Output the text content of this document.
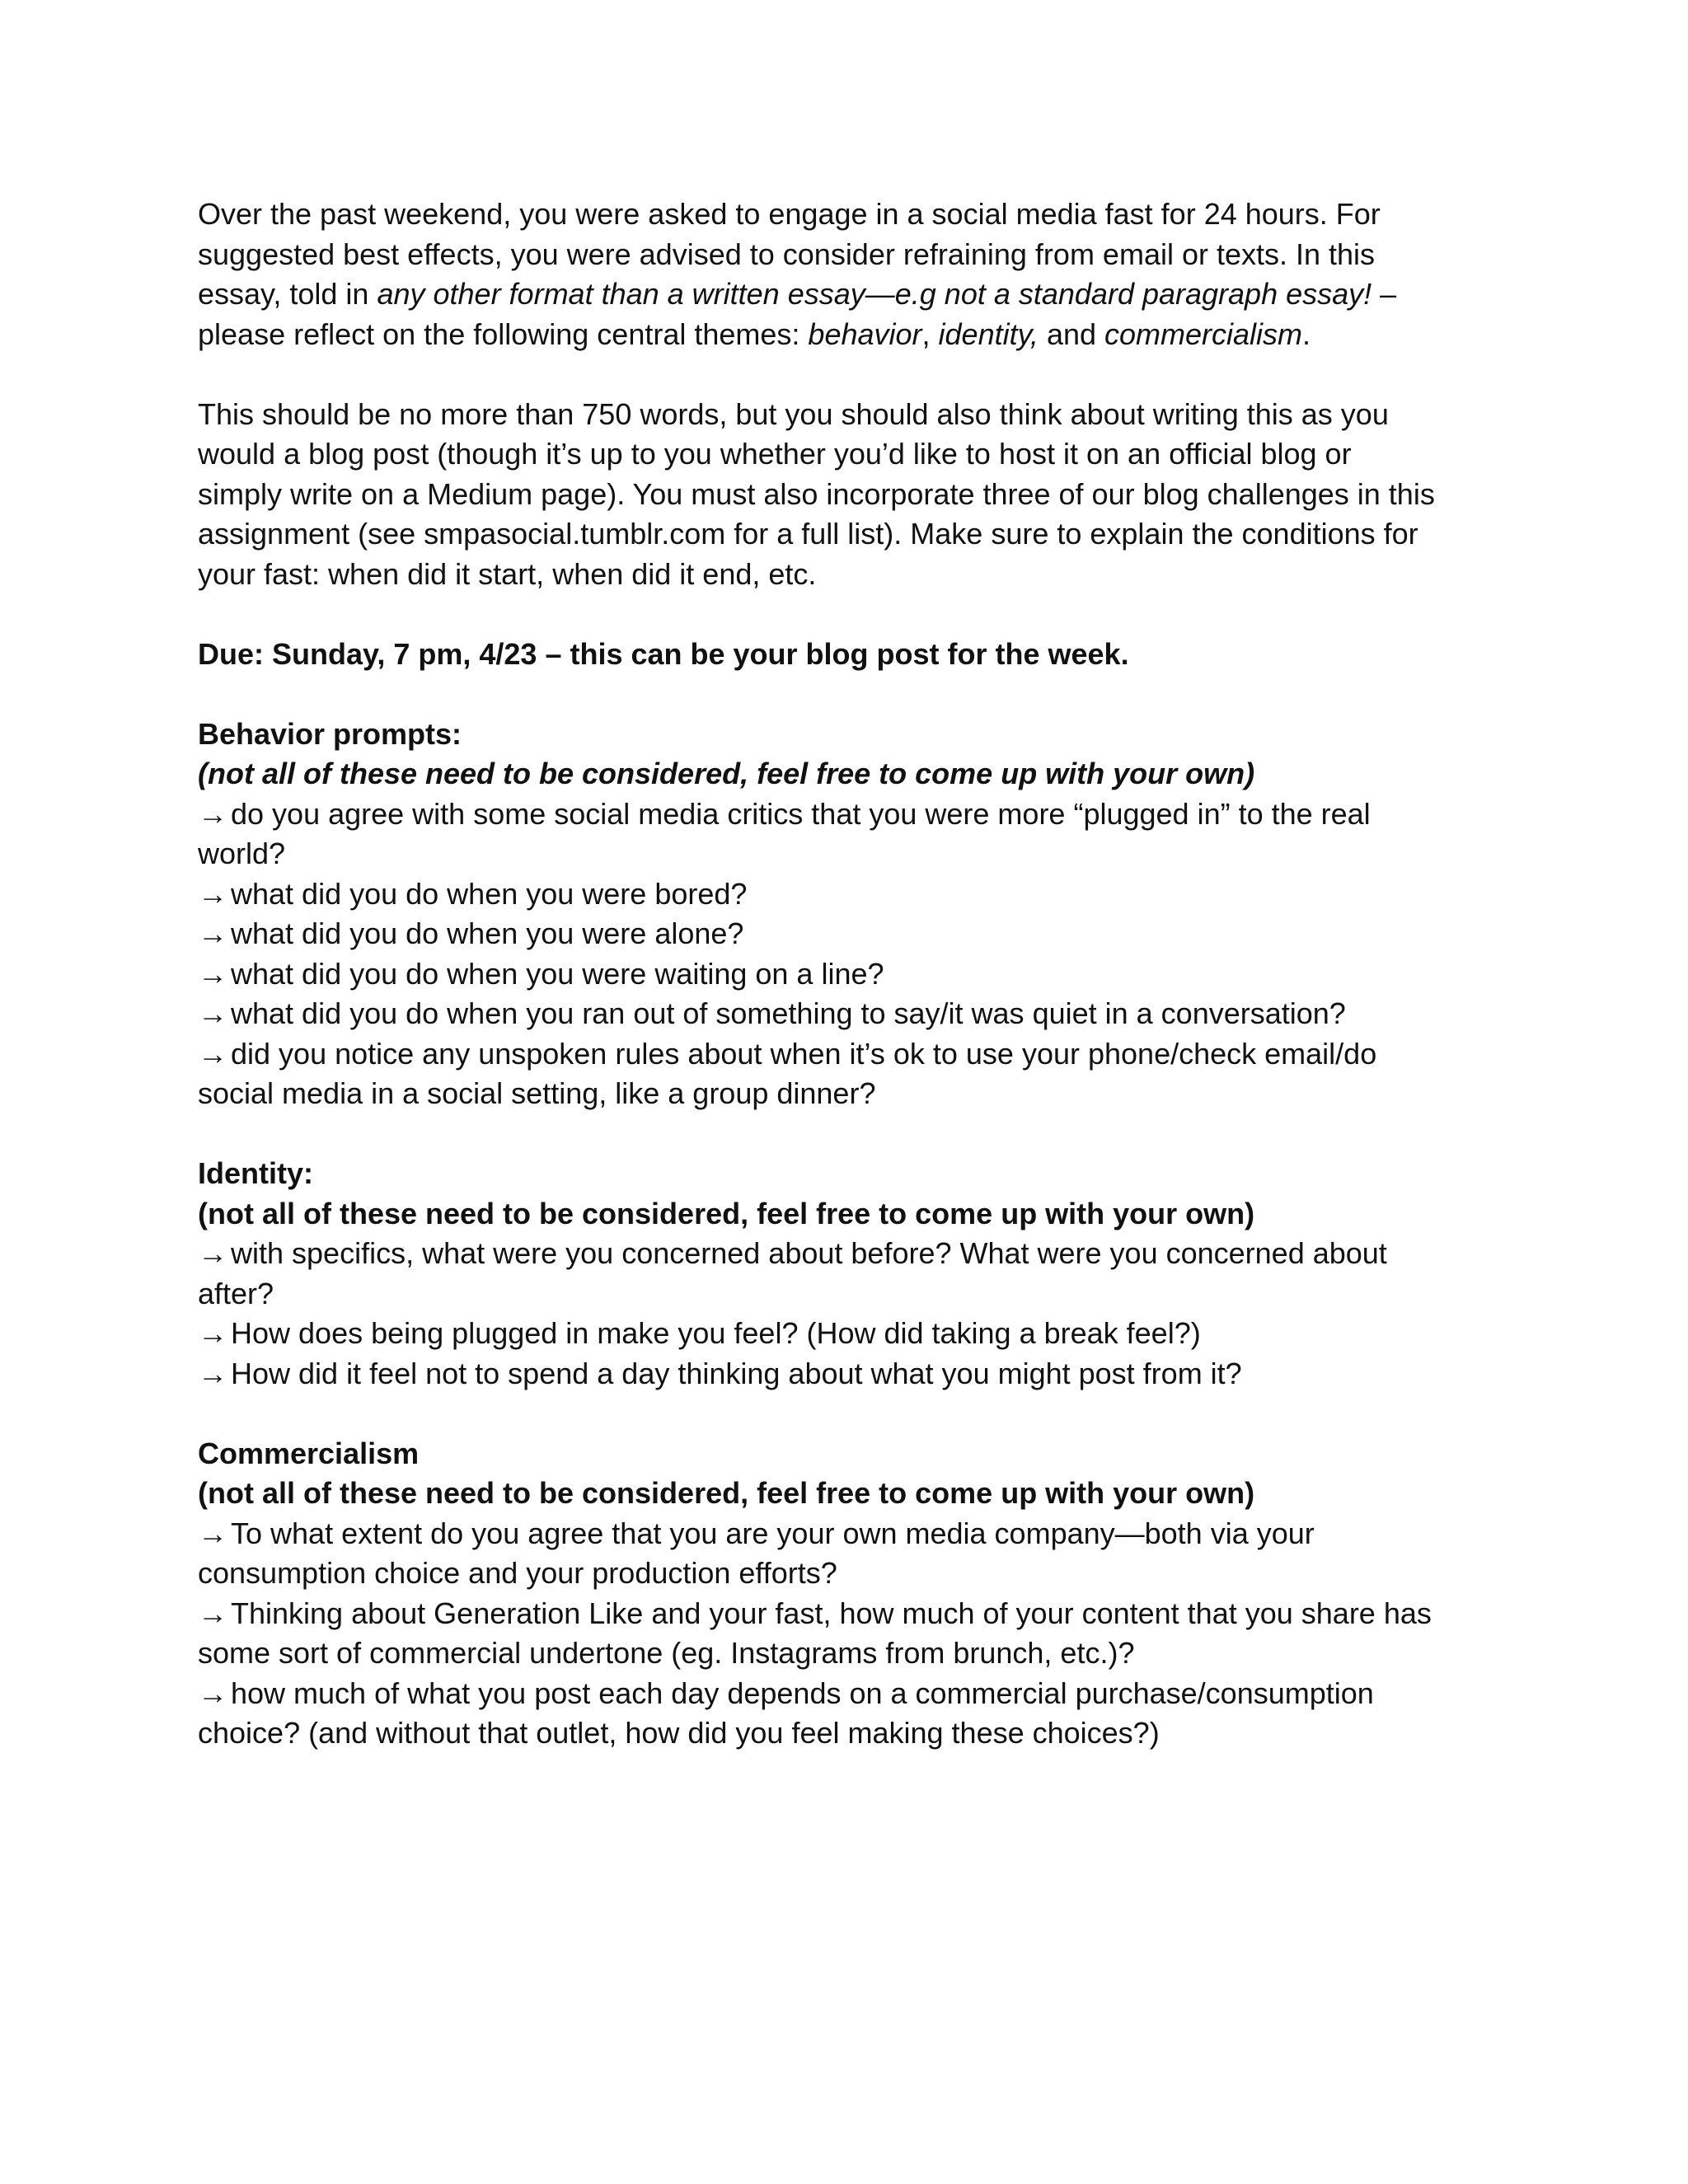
Over the past weekend, you were asked to engage in a social media fast for 24 hours. For
suggested best effects, you were advised to consider refraining from email or texts. In this
essay, told in any other format than a written essay—e.g not a standard paragraph essay! –
please reflect on the following central themes: behavior, identity, and commercialism.
This should be no more than 750 words, but you should also think about writing this as you
would a blog post (though it’s up to you whether you’d like to host it on an official blog or
simply write on a Medium page). You must also incorporate three of our blog challenges in this
assignment (see smpasocial.tumblr.com for a full list). Make sure to explain the conditions for
your fast: when did it start, when did it end, etc.
Due: Sunday, 7 pm, 4/23 – this can be your blog post for the week.
Behavior prompts:
(not all of these need to be considered, feel free to come up with your own)
→ do you agree with some social media critics that you were more “plugged in” to the real
world?
→ what did you do when you were bored?
→ what did you do when you were alone?
→ what did you do when you were waiting on a line?
→ what did you do when you ran out of something to say/it was quiet in a conversation?
→ did you notice any unspoken rules about when it’s ok to use your phone/check email/do
social media in a social setting, like a group dinner?
Identity:
(not all of these need to be considered, feel free to come up with your own)
→ with specifics, what were you concerned about before? What were you concerned about
after?
→ How does being plugged in make you feel? (How did taking a break feel?)
→ How did it feel not to spend a day thinking about what you might post from it?
Commercialism
(not all of these need to be considered, feel free to come up with your own)
→ To what extent do you agree that you are your own media company—both via your
consumption choice and your production efforts?
→ Thinking about Generation Like and your fast, how much of your content that you share has
some sort of commercial undertone (eg. Instagrams from brunch, etc.)?
→ how much of what you post each day depends on a commercial purchase/consumption
choice? (and without that outlet, how did you feel making these choices?)
